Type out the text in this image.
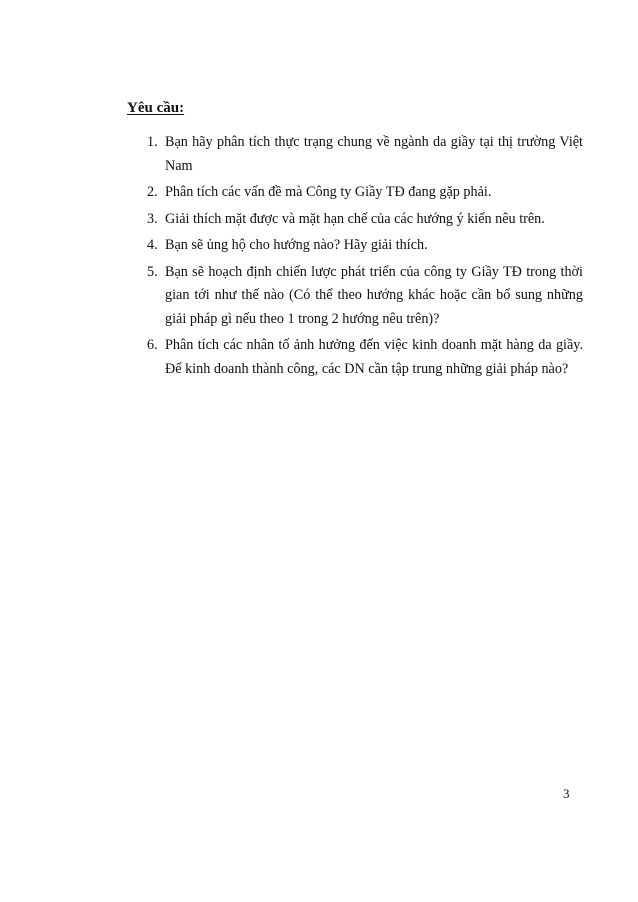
Yêu cầu:
1. Bạn hãy phân tích thực trạng chung về ngành da giầy tại thị trường Việt Nam
2. Phân tích các vấn đề mà Công ty Giầy TĐ đang gặp phải.
3. Giải thích mặt được và mặt hạn chế của các hướng ý kiến nêu trên.
4. Bạn sẽ ủng hộ cho hướng nào? Hãy giải thích.
5. Bạn sẽ hoạch định chiến lược phát triển của công ty Giầy TĐ trong thời gian tới như thế nào (Có thể theo hướng khác hoặc cần bổ sung những giải pháp gì nếu theo 1 trong 2 hướng nêu trên)?
6. Phân tích các nhân tố ảnh hưởng đến việc kinh doanh mặt hàng da giầy. Để kinh doanh thành công, các DN cần tập trung những giải pháp nào?
3
